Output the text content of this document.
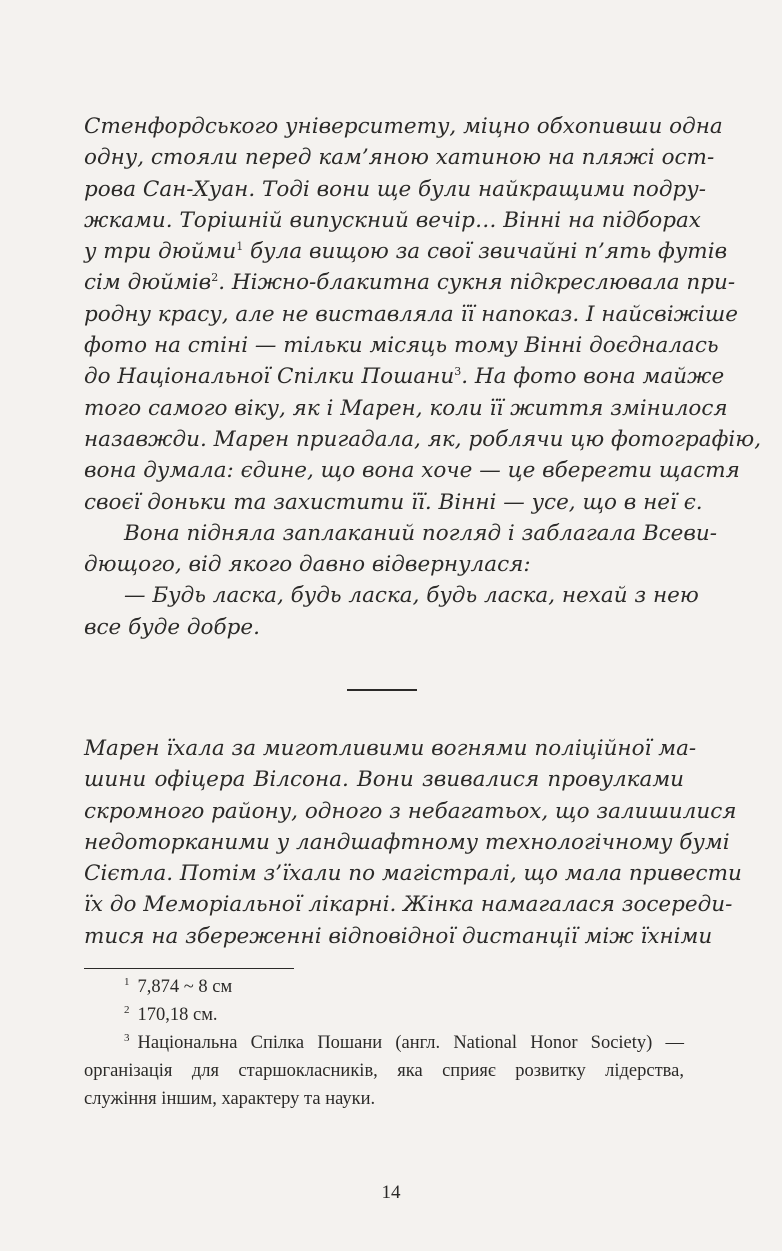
Стенфордського університету, міцно обхопивши одна
одну, стояли перед кам’яною хатиною на пляжі ост-
рова Сан-Хуан. Тоді вони ще були найкращими подру-
жками. Торішній випускний вечір… Вінні на підборах
у три дюйми$^1$ була вищою за свої звичайні п’ять футів
сім дюймів$^2$. Ніжно-блакитна сукня підкреслювала при-
родну красу, але не виставляла її напоказ. І найсвіжіше
фото на стіні — тільки місяць тому Вінні доєдналась
до Національної Спілки Пошани$^3$. На фото вона майже
того самого віку, як і Марен, коли її життя змінилося
назавжди. Марен пригадала, як, роблячи цю фотографію,
вона думала: єдине, що вона хоче — це вберегти щастя
своєї доньки та захистити її. Вінні — усе, що в неї є.
Вона підняла заплаканий погляд і заблагала Всеви-
дющого, від якого давно відвернулася:
— Будь ласка, будь ласка, будь ласка, нехай з нею
все буде добре.
Марен їхала за миготливими вогнями поліційної ма-
шини офіцера Вілсона. Вони звивалися провулками
скромного району, одного з небагатьох, що залишилися
недоторканими у ландшафтному технологічному бумі
Сієтла. Потім з’їхали по магістралі, що мала привести
їх до Меморіальної лікарні. Жінка намагалася зосереди-
тися на збереженні відповідної дистанції між їхніми
$^1$ 7,874 ~ 8 см
$^2$ 170,18 см.
$^3$ Національна Спілка Пошани (англ. National Honor Society) —
організація для старшокласників, яка сприяє розвитку лідерства,
служіння іншим, характеру та науки.
14
